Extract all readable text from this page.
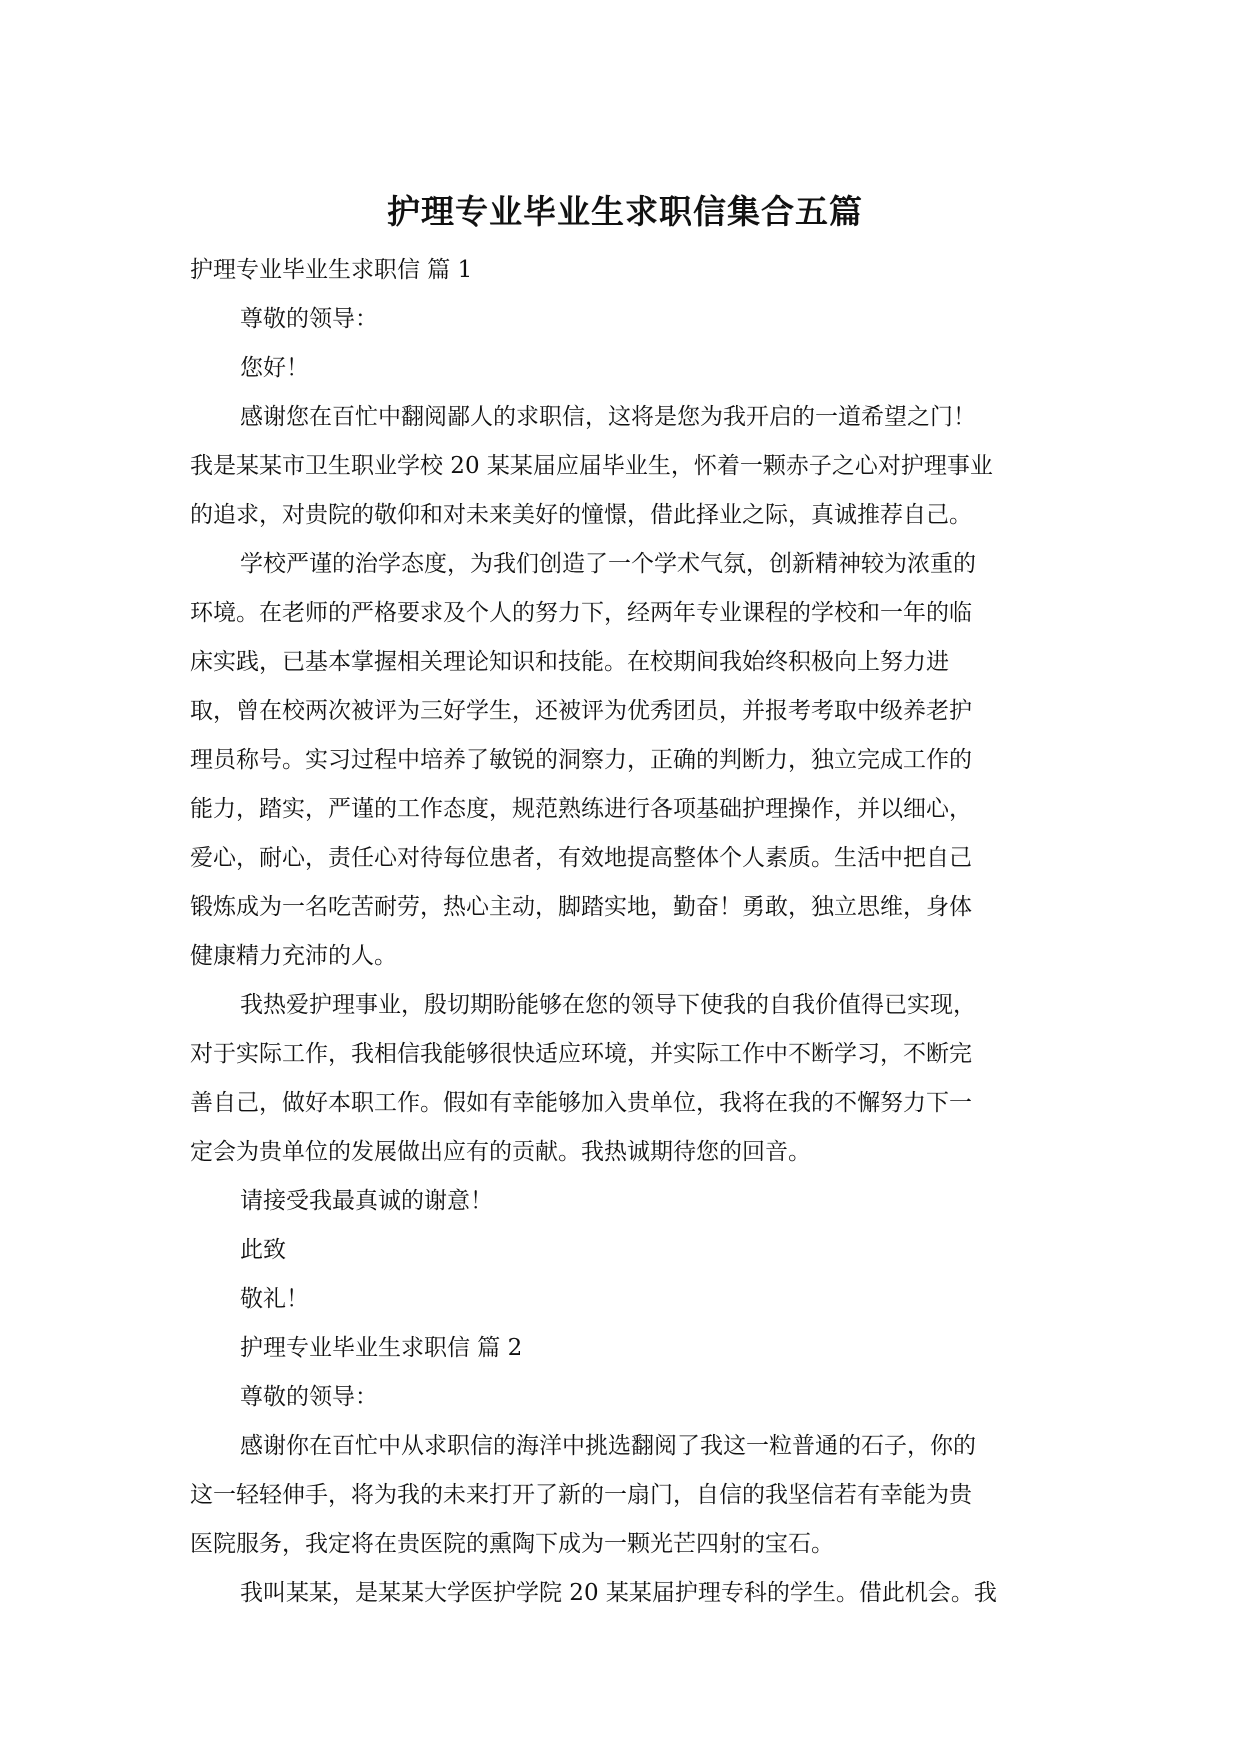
护理专业毕业生求职信集合五篇

护理专业毕业生求职信 篇 1

尊敬的领导：

您好！

感谢您在百忙中翻阅鄙人的求职信，这将是您为我开启的一道希望之门！

我是某某市卫生职业学校 20 某某届应届毕业生，怀着一颗赤子之心对护理事业

的追求，对贵院的敬仰和对未来美好的憧憬，借此择业之际，真诚推荐自己。

学校严谨的治学态度，为我们创造了一个学术气氛，创新精神较为浓重的

环境。在老师的严格要求及个人的努力下，经两年专业课程的学校和一年的临

床实践，已基本掌握相关理论知识和技能。在校期间我始终积极向上努力进

取，曾在校两次被评为三好学生，还被评为优秀团员，并报考考取中级养老护

理员称号。实习过程中培养了敏锐的洞察力，正确的判断力，独立完成工作的

能力，踏实，严谨的工作态度，规范熟练进行各项基础护理操作，并以细心，

爱心，耐心，责任心对待每位患者，有效地提高整体个人素质。生活中把自己

锻炼成为一名吃苦耐劳，热心主动，脚踏实地，勤奋！勇敢，独立思维，身体

健康精力充沛的人。

我热爱护理事业，殷切期盼能够在您的领导下使我的自我价值得已实现，

对于实际工作，我相信我能够很快适应环境，并实际工作中不断学习，不断完

善自己，做好本职工作。假如有幸能够加入贵单位，我将在我的不懈努力下一

定会为贵单位的发展做出应有的贡献。我热诚期待您的回音。

请接受我最真诚的谢意！

此致

敬礼！

护理专业毕业生求职信 篇 2

尊敬的领导：

感谢你在百忙中从求职信的海洋中挑选翻阅了我这一粒普通的石子，你的

这一轻轻伸手，将为我的未来打开了新的一扇门，自信的我坚信若有幸能为贵

医院服务，我定将在贵医院的熏陶下成为一颗光芒四射的宝石。

我叫某某，是某某大学医护学院 20 某某届护理专科的学生。借此机会。我
